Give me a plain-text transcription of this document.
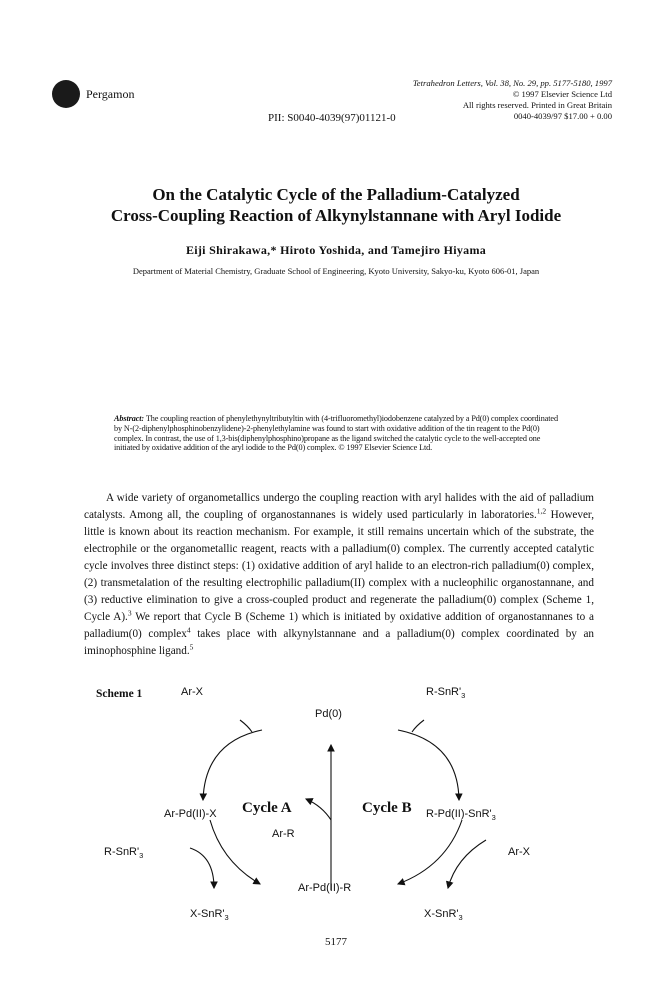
Pergamon
Tetrahedron Letters, Vol. 38, No. 29, pp. 5177-5180, 1997
© 1997 Elsevier Science Ltd
All rights reserved. Printed in Great Britain
0040-4039/97 $17.00 + 0.00
PII: S0040-4039(97)01121-0
On the Catalytic Cycle of the Palladium-Catalyzed
Cross-Coupling Reaction of Alkynylstannane with Aryl Iodide
Eiji Shirakawa,* Hiroto Yoshida, and Tamejiro Hiyama
Department of Material Chemistry, Graduate School of Engineering, Kyoto University, Sakyo-ku, Kyoto 606-01, Japan
Abstract: The coupling reaction of phenylethynyltributyltin with (4-trifluoromethyl)iodobenzene catalyzed by a Pd(0) complex coordinated by N-(2-diphenylphosphinobenzylidene)-2-phenylethylamine was found to start with oxidative addition of the tin reagent to the Pd(0) complex. In contrast, the use of 1,3-bis(diphenylphosphino)propane as the ligand switched the catalytic cycle to the well-accepted one initiated by oxidative addition of the aryl iodide to the Pd(0) complex. © 1997 Elsevier Science Ltd.

A wide variety of organometallics undergo the coupling reaction with aryl halides with the aid of palladium catalysts. Among all, the coupling of organostannanes is widely used particularly in laboratories.$^{1,2}$ However, little is known about its reaction mechanism. For example, it still remains uncertain which of the substrate, the electrophile or the organometallic reagent, reacts with a palladium(0) complex. The currently accepted catalytic cycle involves three distinct steps: (1) oxidative addition of aryl halide to an electron-rich palladium(0) complex, (2) transmetalation of the resulting electrophilic palladium(II) complex with a nucleophilic organostannane, and (3) reductive elimination to give a cross-coupled product and regenerate the palladium(0) complex (Scheme 1, Cycle A).$^3$ We report that Cycle B (Scheme 1) which is initiated by oxidative addition of organostannanes to a palladium(0) complex$^4$ takes place with alkynylstannane and a palladium(0) complex coordinated by an iminophosphine ligand.$^5$

Scheme 1	Ar-X	$R-SnR'_3$
Pd(0)
Ar-Pd(II)-X Cycle A	Cycle B $R-Pd(II)-SnR'_3$
Ar-R
$R-SnR'_3$	Ar-X
Ar-Pd(II)-R
$X-SnR'_3$	$X-SnR'_3$
5177
